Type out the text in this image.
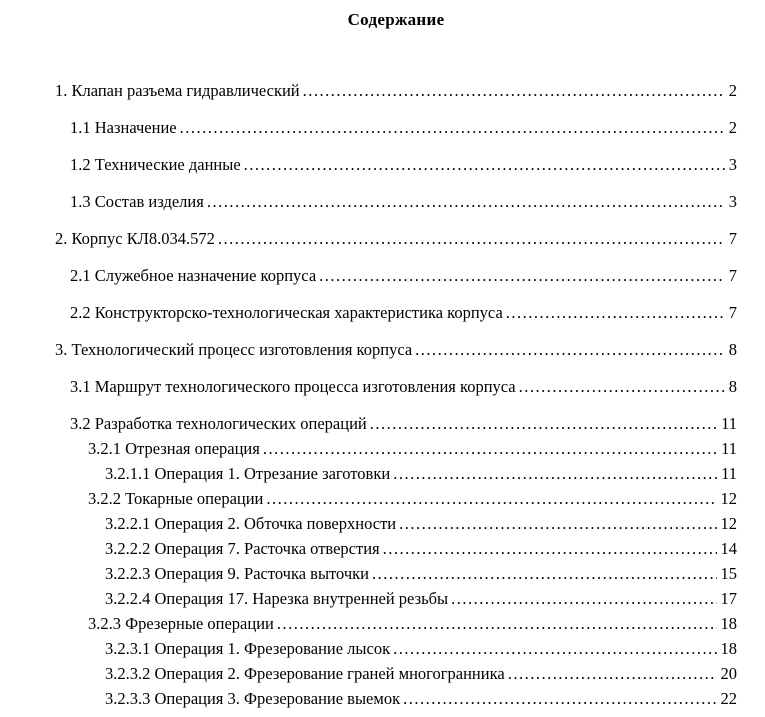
Содержание
1. Клапан разъема гидравлический .....	2
1.1 Назначение .....	2
1.2 Технические данные .....	3
1.3 Состав изделия .....	3
2. Корпус КЛ8.034.572 .....	7
2.1 Служебное назначение корпуса .....	7
2.2 Конструкторско-технологическая характеристика корпуса .....	7
3. Технологический процесс изготовления корпуса .....	8
3.1 Маршрут технологического процесса изготовления корпуса .....	8
3.2 Разработка технологических операций .....	11
3.2.1 Отрезная операция .....	11
3.2.1.1 Операция 1. Отрезание заготовки .....	11
3.2.2 Токарные операции .....	12
3.2.2.1 Операция 2. Обточка поверхности .....	12
3.2.2.2 Операция 7. Расточка отверстия .....	14
3.2.2.3 Операция 9. Расточка выточки .....	15
3.2.2.4 Операция 17. Нарезка внутренней резьбы .....	17
3.2.3 Фрезерные операции .....	18
3.2.3.1 Операция 1. Фрезерование лысок .....	18
3.2.3.2 Операция 2. Фрезерование граней многогранника .....	20
3.2.3.3 Операция 3. Фрезерование выемок .....	22
